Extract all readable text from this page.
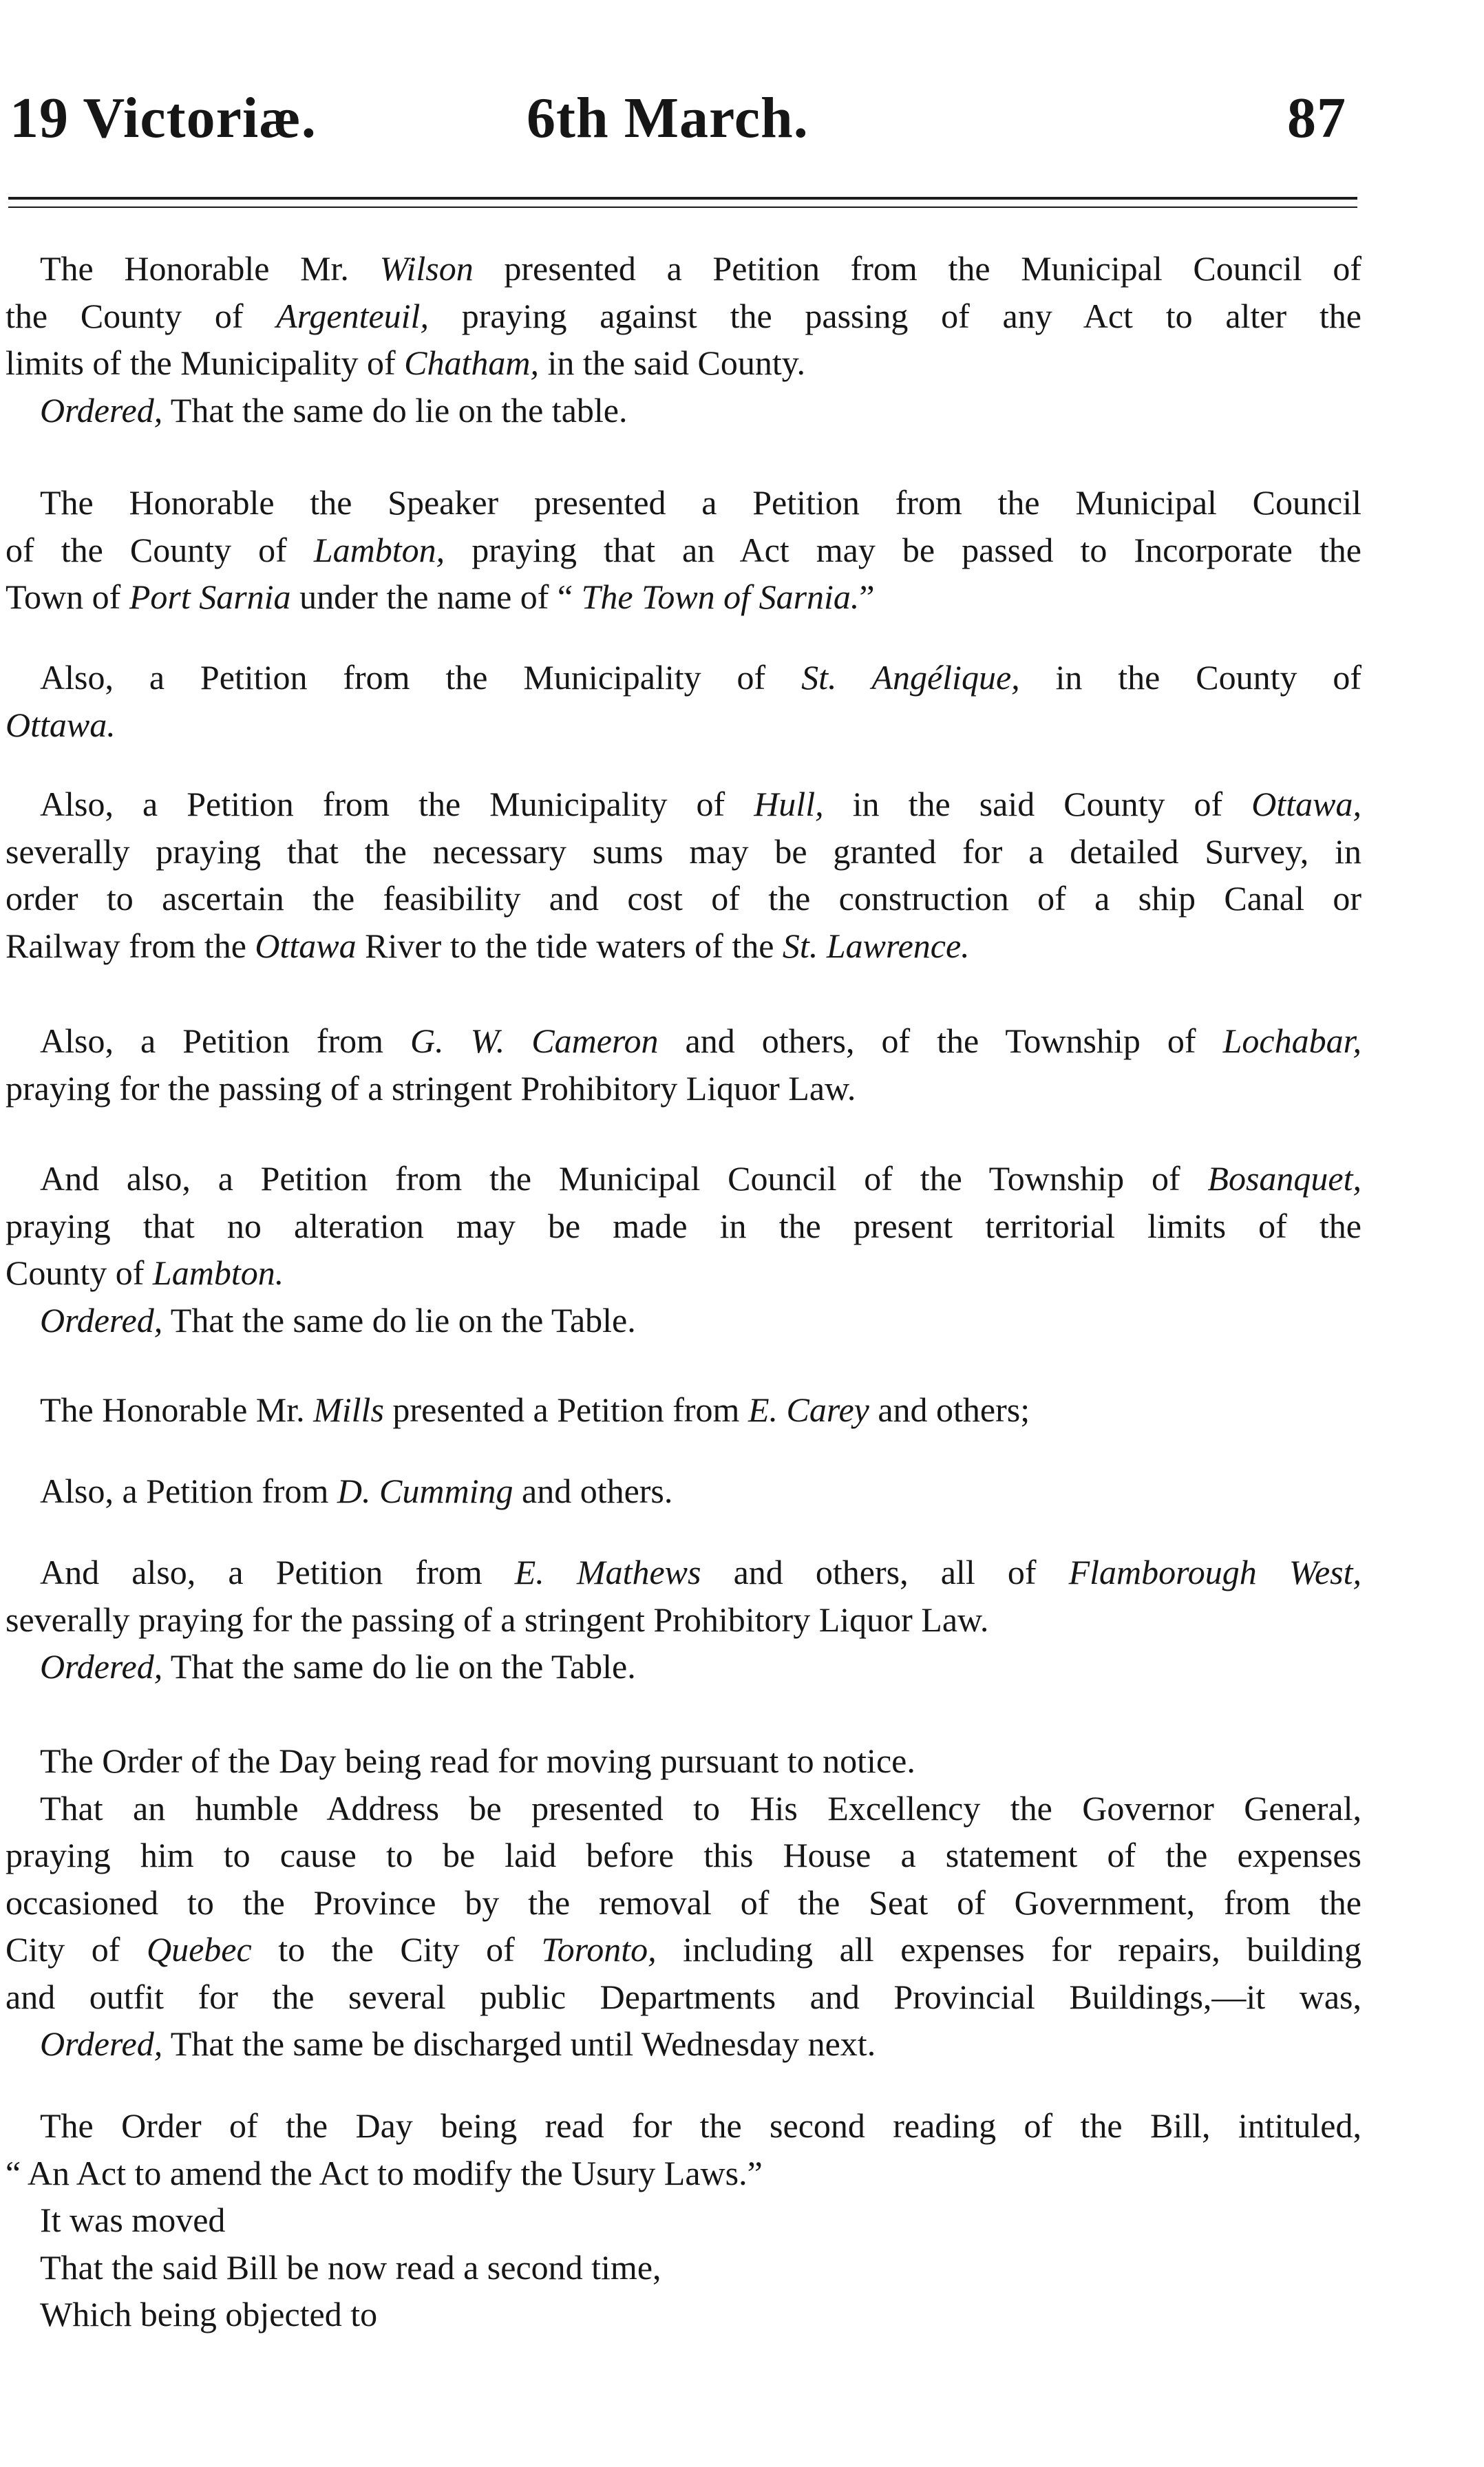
19 Victoriæ.	6th March.	87
The Honorable Mr. Wilson presented a Petition from the Municipal Council of
the County of Argenteuil, praying against the passing of any Act to alter the
limits of the Municipality of Chatham, in the said County.
Ordered, That the same do lie on the table.
The Honorable the Speaker presented a Petition from the Municipal Council
of the County of Lambton, praying that an Act may be passed to Incorporate the
Town of Port Sarnia under the name of “ The Town of Sarnia.”
Also, a Petition from the Municipality of St. Angélique, in the County of
Ottawa.
Also, a Petition from the Municipality of Hull, in the said County of Ottawa,
severally praying that the necessary sums may be granted for a detailed Survey, in
order to ascertain the feasibility and cost of the construction of a ship Canal or
Railway from the Ottawa River to the tide waters of the St. Lawrence.
Also, a Petition from G. W. Cameron and others, of the Township of Lochabar,
praying for the passing of a stringent Prohibitory Liquor Law.
And also, a Petition from the Municipal Council of the Township of Bosanquet,
praying that no alteration may be made in the present territorial limits of the
County of Lambton.
Ordered, That the same do lie on the Table.
The Honorable Mr. Mills presented a Petition from E. Carey and others;
Also, a Petition from D. Cumming and others.
And also, a Petition from E. Mathews and others, all of Flamborough West,
severally praying for the passing of a stringent Prohibitory Liquor Law.
Ordered, That the same do lie on the Table.
The Order of the Day being read for moving pursuant to notice.
That an humble Address be presented to His Excellency the Governor General,
praying him to cause to be laid before this House a statement of the expenses
occasioned to the Province by the removal of the Seat of Government, from the
City of Quebec to the City of Toronto, including all expenses for repairs, building
and outfit for the several public Departments and Provincial Buildings,—it was,
Ordered, That the same be discharged until Wednesday next.
The Order of the Day being read for the second reading of the Bill, intituled,
“ An Act to amend the Act to modify the Usury Laws.”
It was moved
That the said Bill be now read a second time,
Which being objected to
